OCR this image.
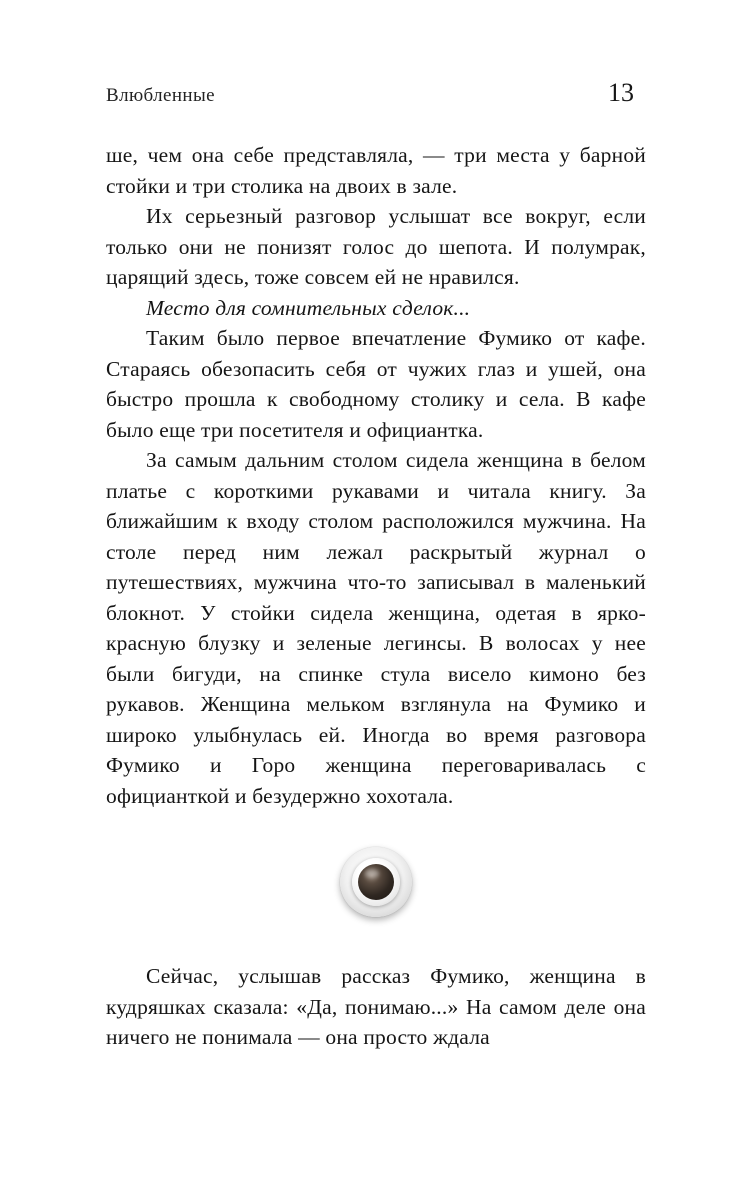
Влюбленные	13

ше, чем она себе представляла, — три места у барной стойки и три столика на двоих в зале.

Их серьезный разговор услышат все вокруг, если только они не понизят голос до шепота. И полумрак, царящий здесь, тоже совсем ей не нравился.

Место для сомнительных сделок...

Таким было первое впечатление Фумико от кафе. Стараясь обезопасить себя от чужих глаз и ушей, она быстро прошла к свободному столику и села. В кафе было еще три посетителя и официантка.

За самым дальним столом сидела женщина в белом платье с короткими рукавами и читала книгу. За ближайшим к входу столом расположился мужчина. На столе перед ним лежал раскрытый журнал о путешествиях, мужчина что-то записывал в маленький блокнот. У стойки сидела женщина, одетая в ярко-красную блузку и зеленые легинсы. В волосах у нее были бигуди, на спинке стула висело кимоно без рукавов. Женщина мельком взглянула на Фумико и широко улыбнулась ей. Иногда во время разговора Фумико и Горо женщина переговаривалась с официанткой и безудержно хохотала.

Сейчас, услышав рассказ Фумико, женщина в кудряшках сказала: «Да, понимаю...» На самом деле она ничего не понимала — она просто ждала
